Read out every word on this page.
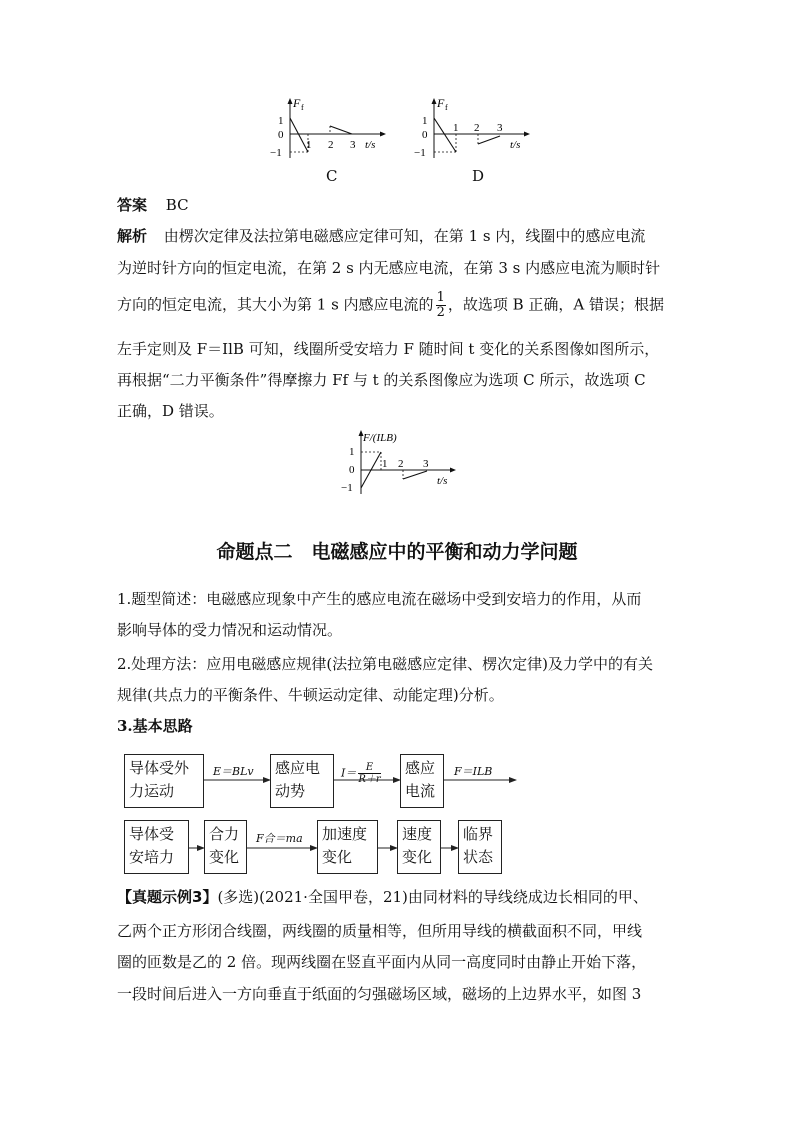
F f
1
0
−1
1 2 3 t/s
C
F f
1
0
−1
1 2 3
t/s
D
答案 BC
解析 由楞次定律及法拉第电磁感应定律可知，在第 1 s 内，线圈中的感应电流
为逆时针方向的恒定电流，在第 2 s 内无感应电流，在第 3 s 内感应电流为顺时针
方向的恒定电流，其大小为第 1 s 内感应电流的 $\frac{1}{2}$ ，故选项 B 正确，A 错误；根据
左手定则及 F＝IlB 可知，线圈所受安培力 F 随时间 t 变化的关系图像如图所示，
再根据“二力平衡条件”得摩擦力 Ff 与 t 的关系图像应为选项 C 所示，故选项 C
正确，D 错误。
F/(ILB)
1
0
−1
1 2 3
t/s
命题点二　电磁感应中的平衡和动力学问题
1.题型简述：电磁感应现象中产生的感应电流在磁场中受到安培力的作用，从而
影响导体的受力情况和运动情况。
2.处理方法：应用电磁感应规律(法拉第电磁感应定律、楞次定律)及力学中的有关
规律(共点力的平衡条件、牛顿运动定律、动能定理)分析。
3.基本思路
导体受外
力运动
E＝BLv	感应电
动势
$I= \frac{E}{R+r}$	感应
电流
F＝ILB
导体受
安培力
合力
变化
F合＝ma	加速度
变化
速度
变化
临界
状态
【真题示例3】(多选)(2021·全国甲卷，21)由同材料的导线绕成边长相同的甲、
乙两个正方形闭合线圈，两线圈的质量相等，但所用导线的横截面积不同，甲线
圈的匝数是乙的 2 倍。现两线圈在竖直平面内从同一高度同时由静止开始下落，
一段时间后进入一方向垂直于纸面的匀强磁场区域，磁场的上边界水平，如图 3
